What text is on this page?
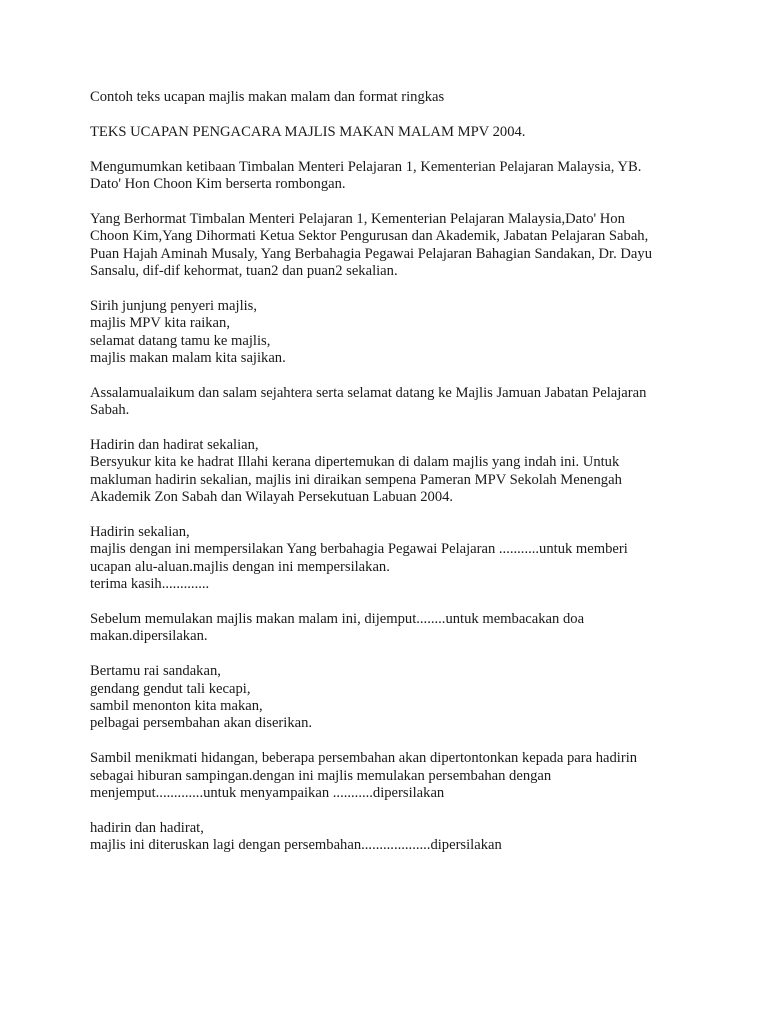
Contoh teks ucapan majlis makan malam dan format ringkas

TEKS UCAPAN PENGACARA MAJLIS MAKAN MALAM MPV 2004.

Mengumumkan ketibaan Timbalan Menteri Pelajaran 1, Kementerian Pelajaran Malaysia, YB.
Dato' Hon Choon Kim berserta rombongan.

Yang Berhormat Timbalan Menteri Pelajaran 1, Kementerian Pelajaran Malaysia,Dato' Hon
Choon Kim,Yang Dihormati Ketua Sektor Pengurusan dan Akademik, Jabatan Pelajaran Sabah,
Puan Hajah Aminah Musaly, Yang Berbahagia Pegawai Pelajaran Bahagian Sandakan, Dr. Dayu
Sansalu, dif-dif kehormat, tuan2 dan puan2 sekalian.

Sirih junjung penyeri majlis,
majlis MPV kita raikan,
selamat datang tamu ke majlis,
majlis makan malam kita sajikan.

Assalamualaikum dan salam sejahtera serta selamat datang ke Majlis Jamuan Jabatan Pelajaran
Sabah.

Hadirin dan hadirat sekalian,
Bersyukur kita ke hadrat Illahi kerana dipertemukan di dalam majlis yang indah ini. Untuk
makluman hadirin sekalian, majlis ini diraikan sempena Pameran MPV Sekolah Menengah
Akademik Zon Sabah dan Wilayah Persekutuan Labuan 2004.

Hadirin sekalian,
majlis dengan ini mempersilakan Yang berbahagia Pegawai Pelajaran ...........untuk memberi
ucapan alu-aluan.majlis dengan ini mempersilakan.
terima kasih.............

Sebelum memulakan majlis makan malam ini, dijemput........untuk membacakan doa
makan.dipersilakan.

Bertamu rai sandakan,
gendang gendut tali kecapi,
sambil menonton kita makan,
pelbagai persembahan akan diserikan.

Sambil menikmati hidangan, beberapa persembahan akan dipertontonkan kepada para hadirin
sebagai hiburan sampingan.dengan ini majlis memulakan persembahan dengan
menjemput.............untuk menyampaikan ...........dipersilakan

hadirin dan hadirat,
majlis ini diteruskan lagi dengan persembahan...................dipersilakan
